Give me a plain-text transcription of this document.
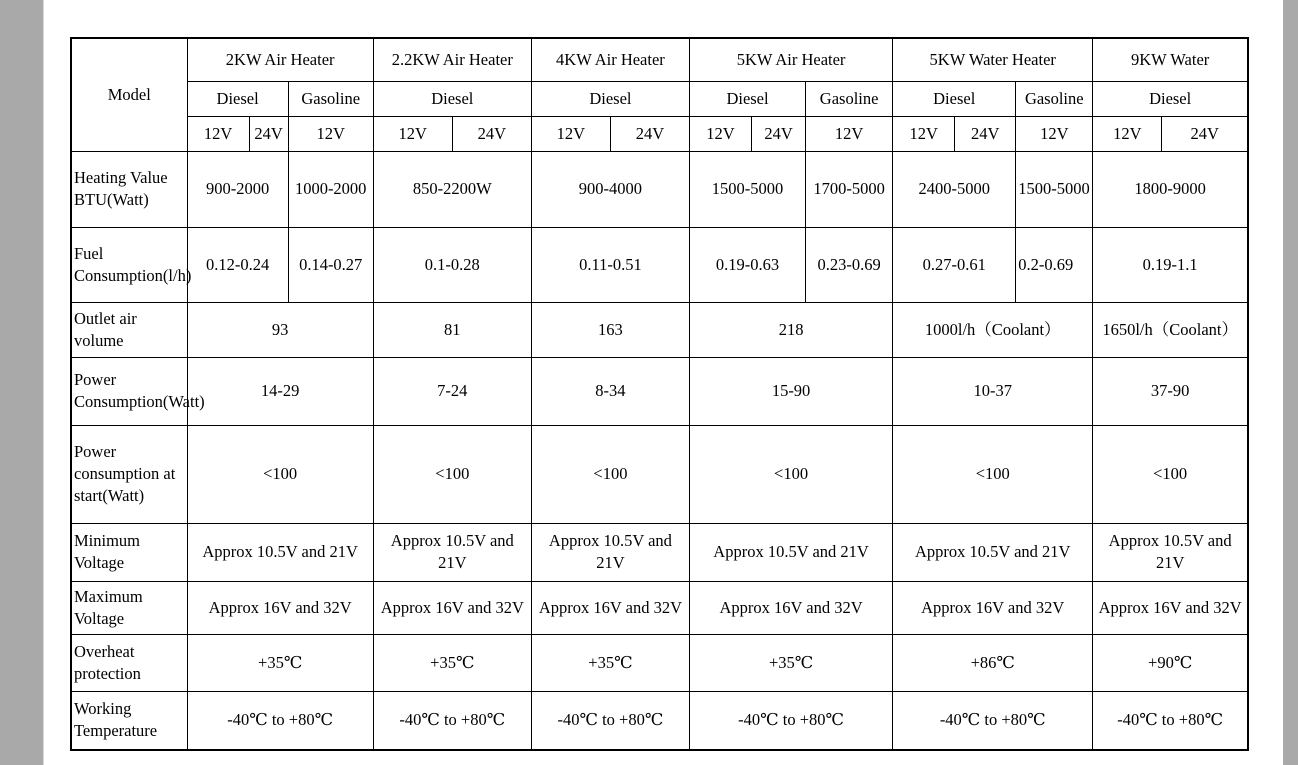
Model	2KW Air Heater			2.2KW Air Heater		4KW Air Heater		5KW Air Heater			5KW Water Heater			9KW Water	
	Diesel		Gasoline	Diesel		Diesel		Diesel		Gasoline	Diesel		Gasoline	Diesel	
	12V	24V	12V	12V	24V	12V	24V	12V	24V	12V	12V	24V	12V	12V	24V
Heating Value BTU(Watt)	900-2000		1000-2000	850-2200W		900-4000		1500-5000		1700-5000	2400-5000		1500-5000	1800-9000	
Fuel Consumption(l/h)	0.12-0.24		0.14-0.27	0.1-0.28		0.11-0.51		0.19-0.63		0.23-0.69	0.27-0.61		0.2-0.69	0.19-1.1	
Outlet air volume	93			81		163		218			1000l/h（Coolant）			1650l/h（Coolant）	
Power Consumption(Watt)	14-29			7-24		8-34		15-90			10-37			37-90	
Power consumption at start(Watt)	<100			<100		<100		<100			<100			<100	
Minimum Voltage	Approx 10.5V and 21V			Approx 10.5V and 21V		Approx 10.5V and 21V		Approx 10.5V and 21V			Approx 10.5V and 21V			Approx 10.5V and 21V	
Maximum Voltage	Approx 16V and 32V			Approx 16V and 32V		Approx 16V and 32V		Approx 16V and 32V			Approx 16V and 32V			Approx 16V and 32V	
Overheat protection	+35℃			+35℃		+35℃		+35℃			+86℃			+90℃	
Working Temperature	-40℃ to +80℃			-40℃ to +80℃		-40℃ to +80℃		-40℃ to +80℃			-40℃ to +80℃			-40℃ to +80℃	
